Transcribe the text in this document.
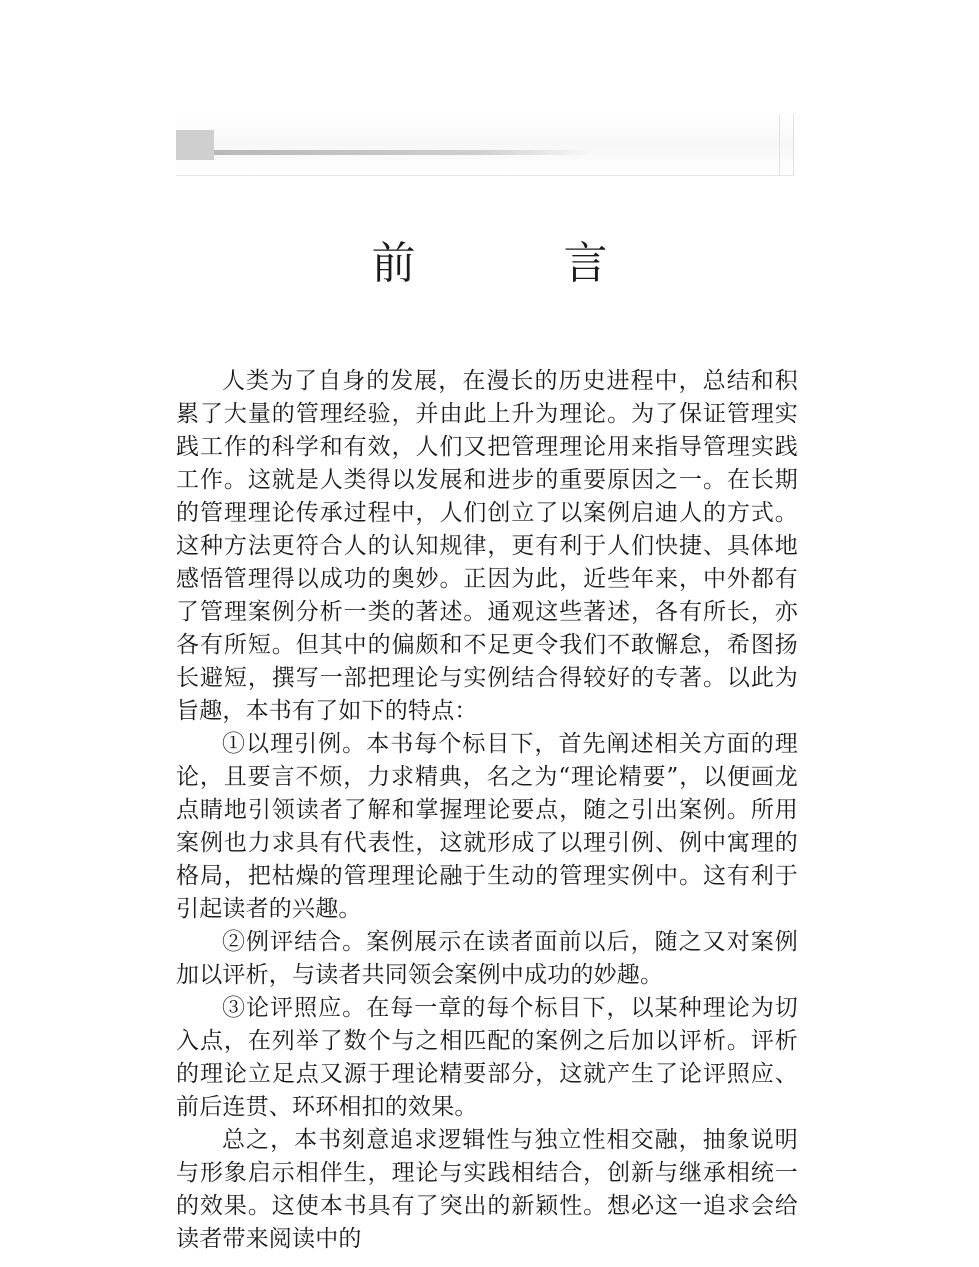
前　言

人类为了自身的发展，在漫长的历史进程中，总结和积累了大量的管理经验，并由此上升为理论。为了保证管理实践工作的科学和有效，人们又把管理理论用来指导管理实践工作。这就是人类得以发展和进步的重要原因之一。在长期的管理理论传承过程中，人们创立了以案例启迪人的方式。这种方法更符合人的认知规律，更有利于人们快捷、具体地感悟管理得以成功的奥妙。正因为此，近些年来，中外都有了管理案例分析一类的著述。通观这些著述，各有所长，亦各有所短。但其中的偏颇和不足更令我们不敢懈怠，希图扬长避短，撰写一部把理论与实例结合得较好的专著。以此为旨趣，本书有了如下的特点：

①以理引例。本书每个标目下，首先阐述相关方面的理论，且要言不烦，力求精典，名之为“理论精要”，以便画龙点睛地引领读者了解和掌握理论要点，随之引出案例。所用案例也力求具有代表性，这就形成了以理引例、例中寓理的格局，把枯燥的管理理论融于生动的管理实例中。这有利于引起读者的兴趣。

②例评结合。案例展示在读者面前以后，随之又对案例加以评析，与读者共同领会案例中成功的妙趣。

③论评照应。在每一章的每个标目下，以某种理论为切入点，在列举了数个与之相匹配的案例之后加以评析。评析的理论立足点又源于理论精要部分，这就产生了论评照应、前后连贯、环环相扣的效果。

总之，本书刻意追求逻辑性与独立性相交融，抽象说明与形象启示相伴生，理论与实践相结合，创新与继承相统一的效果。这使本书具有了突出的新颖性。想必这一追求会给读者带来阅读中的
